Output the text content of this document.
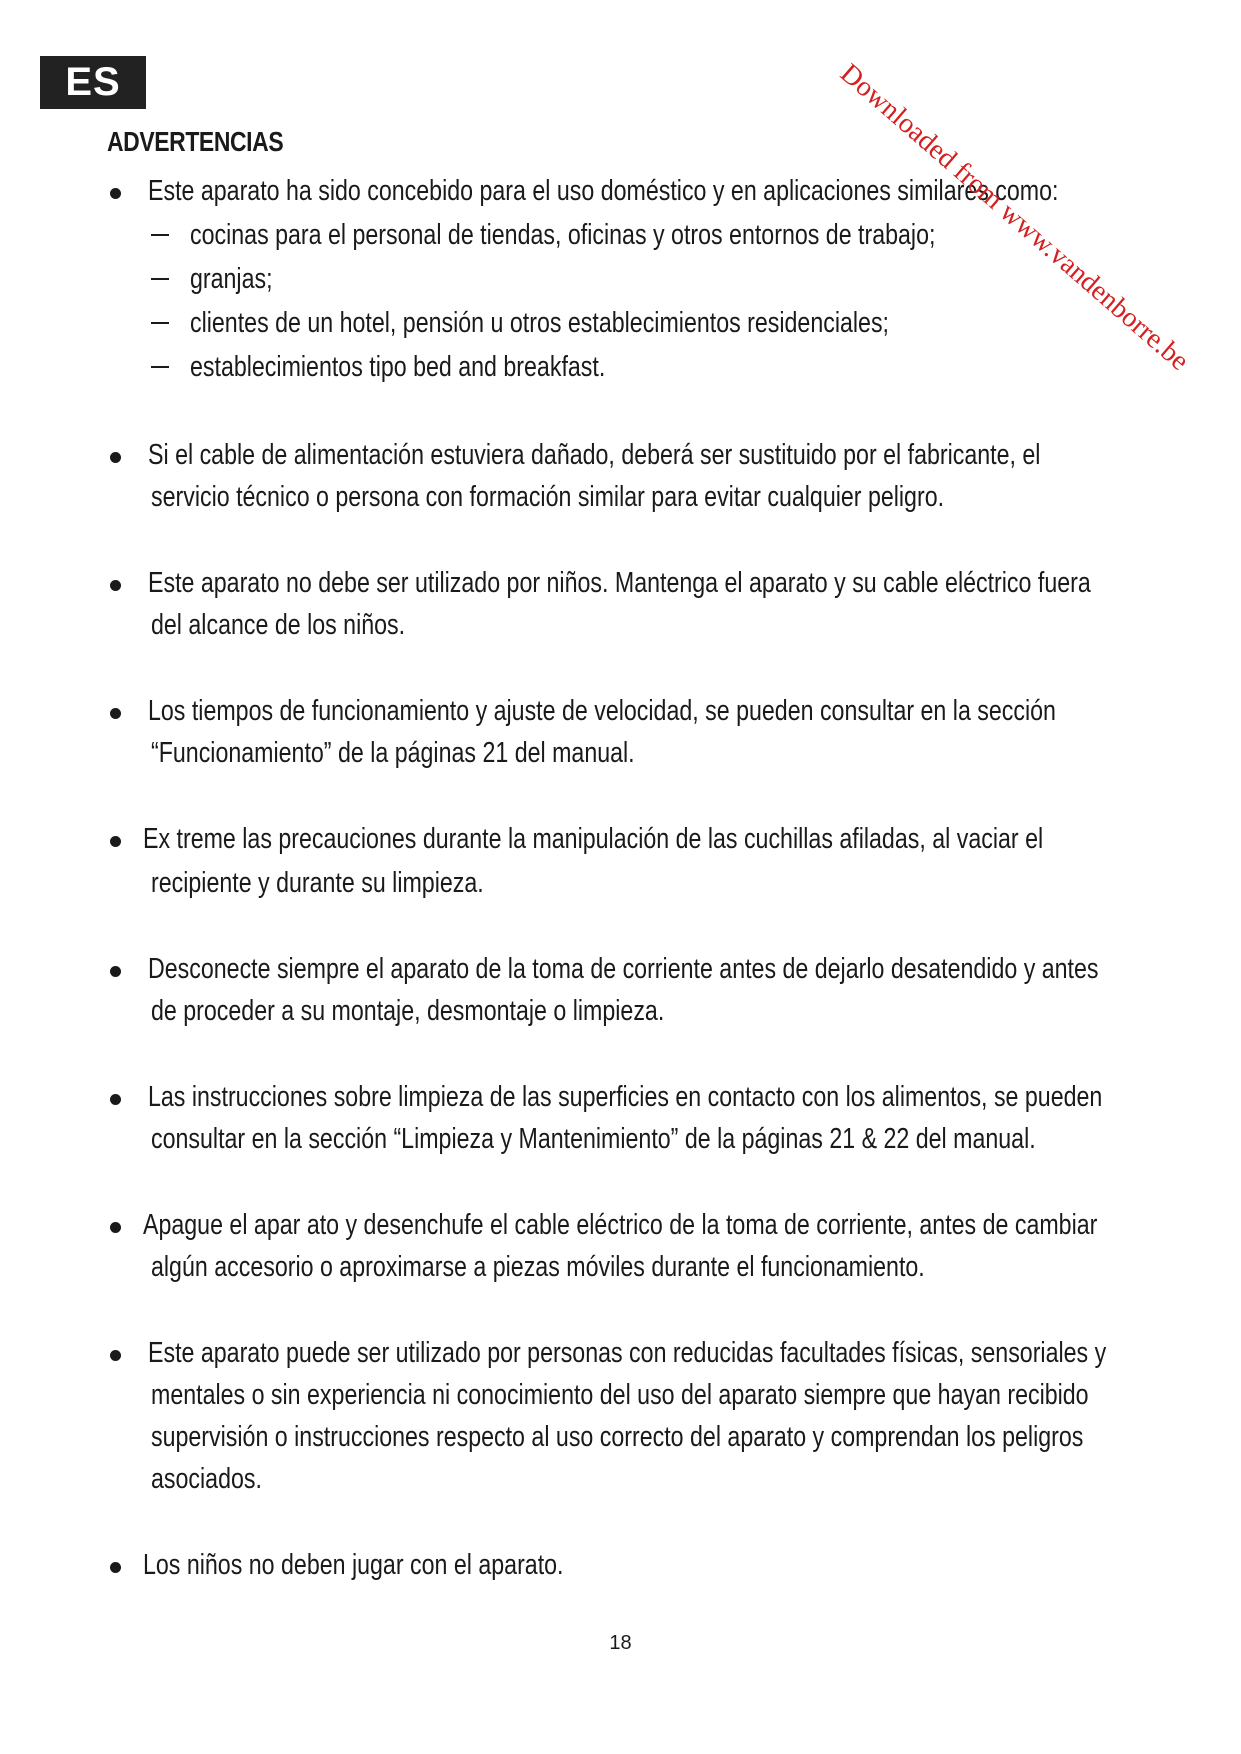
ES
ADVERTENCIAS
Este aparato ha sido concebido para el uso doméstico y en aplicaciones similares como:
cocinas para el personal de tiendas, oficinas y otros entornos de trabajo;
granjas;
clientes de un hotel, pensión u otros establecimientos residenciales;
establecimientos tipo bed and breakfast.
Si el cable de alimentación estuviera dañado, deberá ser sustituido por el fabricante, el
servicio técnico o persona con formación similar para evitar cualquier peligro.
Este aparato no debe ser utilizado por niños. Mantenga el aparato y su cable eléctrico fuera
del alcance de los niños.
Los tiempos de funcionamiento y ajuste de velocidad, se pueden consultar en la sección
“Funcionamiento” de la páginas 21 del manual.
Ex treme las precauciones durante la manipulación de las cuchillas afiladas, al vaciar el
recipiente y durante su limpieza.
Desconecte siempre el aparato de la toma de corriente antes de dejarlo desatendido y antes
de proceder a su montaje, desmontaje o limpieza.
Las instrucciones sobre limpieza de las superficies en contacto con los alimentos, se pueden
consultar en la sección “Limpieza y Mantenimiento” de la páginas 21 & 22 del manual.
Apague el apar ato y desenchufe el cable eléctrico de la toma de corriente, antes de cambiar
algún accesorio o aproximarse a piezas móviles durante el funcionamiento.
Este aparato puede ser utilizado por personas con reducidas facultades físicas, sensoriales y
mentales o sin experiencia ni conocimiento del uso del aparato siempre que hayan recibido
supervisión o instrucciones respecto al uso correcto del aparato y comprendan los peligros
asociados.
Los niños no deben jugar con el aparato.
Downloaded from www.vandenborre.be
18
